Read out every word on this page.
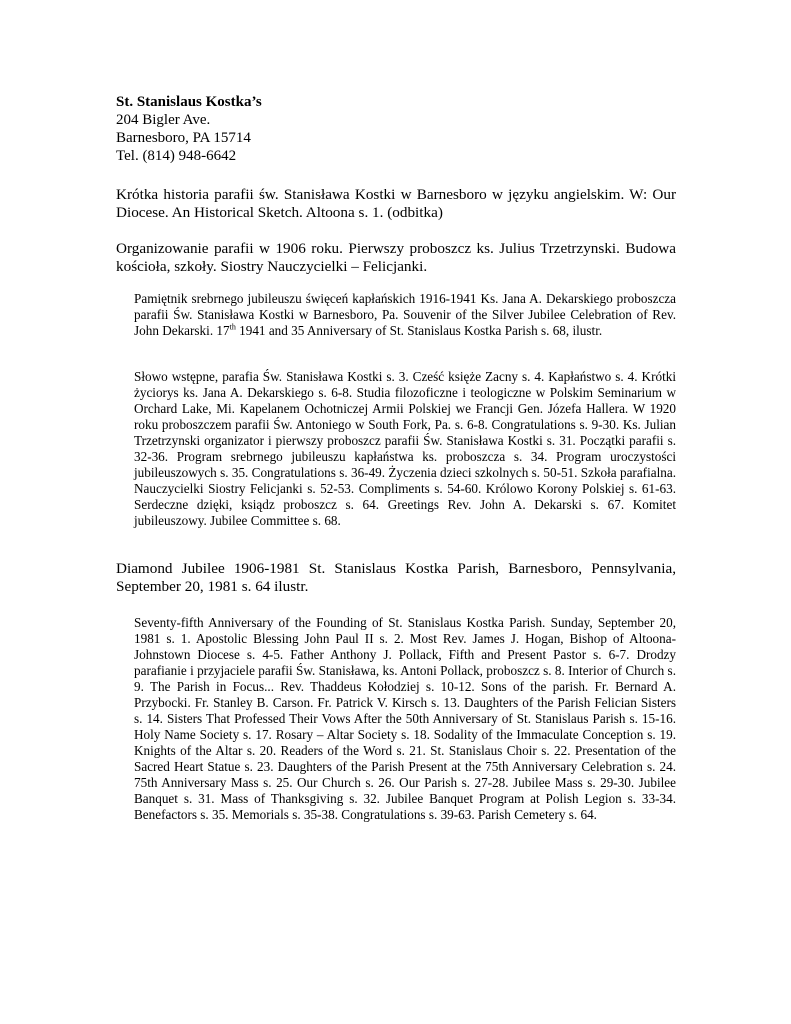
St. Stanislaus Kostka’s
204 Bigler Ave.
Barnesboro, PA 15714
Tel. (814) 948-6642

Krótka historia parafii św. Stanisława Kostki w Barnesboro w języku angielskim. W: Our Diocese. An Historical Sketch. Altoona s. 1. (odbitka)

Organizowanie parafii w 1906 roku. Pierwszy proboszcz ks. Julius Trzetrzynski. Budowa kościoła, szkoły. Siostry Nauczycielki – Felicjanki.

Pamiętnik srebrnego jubileuszu święceń kapłańskich 1916-1941 Ks. Jana A. Dekarskiego proboszcza parafii Św. Stanisława Kostki w Barnesboro, Pa. Souvenir of the Silver Jubilee Celebration of Rev. John Dekarski. 17th 1941 and 35 Anniversary of St. Stanislaus Kostka Parish s. 68, ilustr.

Słowo wstępne, parafia Św. Stanisława Kostki s. 3. Cześć księże Zacny s. 4. Kapłaństwo s. 4. Krótki życiorys ks. Jana A. Dekarskiego s. 6-8. Studia filozoficzne i teologiczne w Polskim Seminarium w Orchard Lake, Mi. Kapelanem Ochotniczej Armii Polskiej we Francji Gen. Józefa Hallera. W 1920 roku proboszczem parafii Św. Antoniego w South Fork, Pa. s. 6-8. Congratulations s. 9-30. Ks. Julian Trzetrzynski organizator i pierwszy proboszcz parafii Św. Stanisława Kostki s. 31. Początki parafii s. 32-36. Program srebrnego jubileuszu kapłaństwa ks. proboszcza s. 34. Program uroczystości jubileuszowych s. 35. Congratulations s. 36-49. Życzenia dzieci szkolnych s. 50-51. Szkoła parafialna. Nauczycielki Siostry Felicjanki s. 52-53. Compliments s. 54-60. Królowo Korony Polskiej s. 61-63. Serdeczne dzięki, ksiądz proboszcz s. 64. Greetings Rev. John A. Dekarski s. 67. Komitet jubileuszowy. Jubilee Committee s. 68.

Diamond Jubilee 1906-1981 St. Stanislaus Kostka Parish, Barnesboro, Pennsylvania, September 20, 1981 s. 64 ilustr.

Seventy-fifth Anniversary of the Founding of St. Stanislaus Kostka Parish. Sunday, September 20, 1981 s. 1. Apostolic Blessing John Paul II s. 2. Most Rev. James J. Hogan, Bishop of Altoona-Johnstown Diocese s. 4-5. Father Anthony J. Pollack, Fifth and Present Pastor s. 6-7. Drodzy parafianie i przyjaciele parafii Św. Stanisława, ks. Antoni Pollack, proboszcz s. 8. Interior of Church s. 9. The Parish in Focus... Rev. Thaddeus Kołodziej s. 10-12. Sons of the parish. Fr. Bernard A. Przybocki. Fr. Stanley B. Carson. Fr. Patrick V. Kirsch s. 13. Daughters of the Parish Felician Sisters s. 14. Sisters That Professed Their Vows After the 50th Anniversary of St. Stanislaus Parish s. 15-16. Holy Name Society s. 17. Rosary – Altar Society s. 18. Sodality of the Immaculate Conception s. 19. Knights of the Altar s. 20. Readers of the Word s. 21. St. Stanislaus Choir s. 22. Presentation of the Sacred Heart Statue s. 23. Daughters of the Parish Present at the 75th Anniversary Celebration s. 24. 75th Anniversary Mass s. 25. Our Church s. 26. Our Parish s. 27-28. Jubilee Mass s. 29-30. Jubilee Banquet s. 31. Mass of Thanksgiving s. 32. Jubilee Banquet Program at Polish Legion s. 33-34. Benefactors s. 35. Memorials s. 35-38. Congratulations s. 39-63. Parish Cemetery s. 64.
